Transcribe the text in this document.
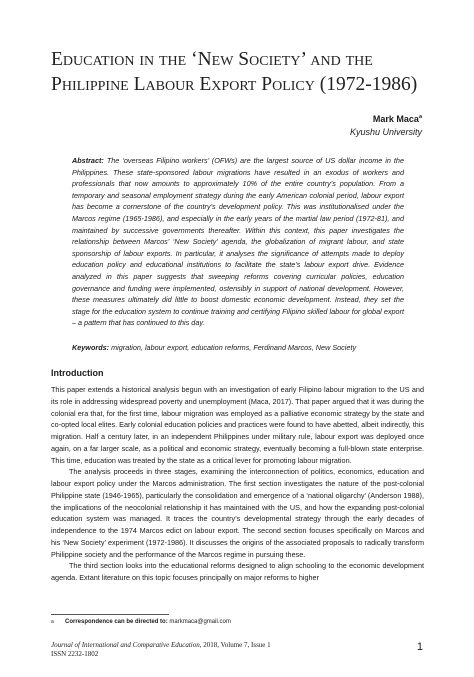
Education in the ‘New Society’ and the
Philippine Labour Export Policy (1972-1986)
Mark Maca$^a$
Kyushu University

Abstract: The ‘overseas Filipino workers’ (OFWs) are the largest source of US dollar income in the Philippines. These state-sponsored labour migrations have resulted in an exodus of workers and professionals that now amounts to approximately 10% of the entire country’s population. From a temporary and seasonal employment strategy during the early American colonial period, labour export has become a cornerstone of the country’s development policy. This was institutionalised under the Marcos regime (1965-1986), and especially in the early years of the martial law period (1972-81), and maintained by successive governments thereafter. Within this context, this paper investigates the relationship between Marcos’ ‘New Society’ agenda, the globalization of migrant labour, and state sponsorship of labour exports. In particular, it analyses the significance of attempts made to deploy education policy and educational institutions to facilitate the state’s labour export drive. Evidence analyzed in this paper suggests that sweeping reforms covering curricular policies, education governance and funding were implemented, ostensibly in support of national development. However, these measures ultimately did little to boost domestic economic development. Instead, they set the stage for the education system to continue training and certifying Filipino skilled labour for global export – a pattern that has continued to this day.

Keywords: migration, labour export, education reforms, Ferdinand Marcos, New Society

Introduction

This paper extends a historical analysis begun with an investigation of early Filipino labour migration to the US and its role in addressing widespread poverty and unemployment (Maca, 2017). That paper argued that it was during the colonial era that, for the first time, labour migration was employed as a palliative economic strategy by the state and co-opted local elites. Early colonial education policies and practices were found to have abetted, albeit indirectly, this migration. Half a century later, in an independent Philippines under military rule, labour export was deployed once again, on a far larger scale, as a political and economic strategy, eventually becoming a full-blown state enterprise. This time, education was treated by the state as a critical lever for promoting labour migration.

The analysis proceeds in three stages, examining the interconnection of politics, economics, education and labour export policy under the Marcos administration. The first section investigates the nature of the post-colonial Philippine state (1946-1965), particularly the consolidation and emergence of a ‘national oligarchy’ (Anderson 1988), the implications of the neocolonial relationship it has maintained with the US, and how the expanding post-colonial education system was managed. It traces the country’s developmental strategy through the early decades of independence to the 1974 Marcos edict on labour export. The second section focuses specifically on Marcos and his ‘New Society’ experiment (1972-1986). It discusses the origins of the associated proposals to radically transform Philippine society and the performance of the Marcos regime in pursuing these.

The third section looks into the educational reforms designed to align schooling to the economic development agenda. Extant literature on this topic focuses principally on major reforms to higher

a Correspondence can be directed to: markmaca@gmail.com
Journal of International and Comparative Education, 2018, Volume 7, Issue 1
ISSN 2232-1802
1
